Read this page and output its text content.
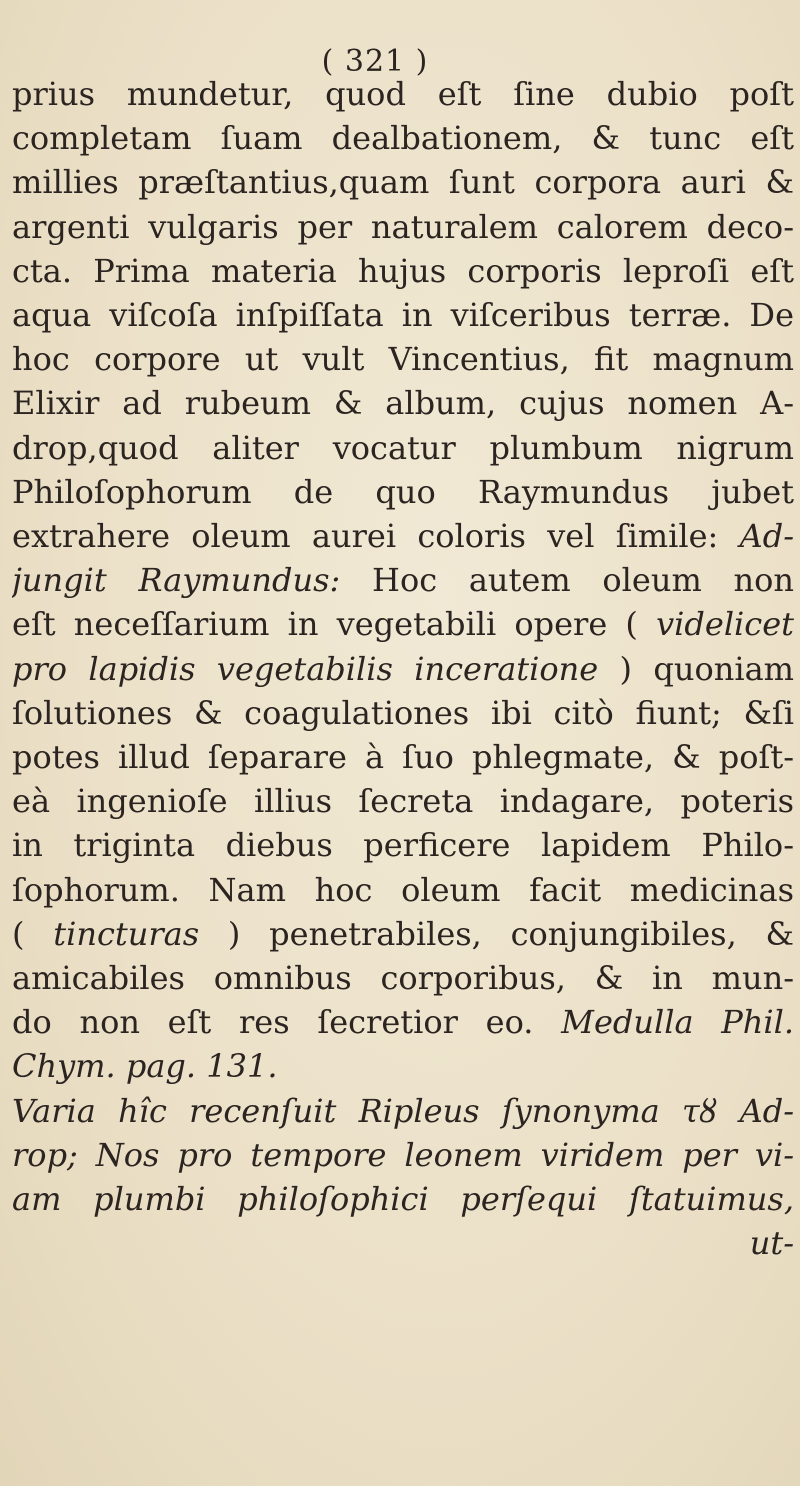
( 321 )
prius mundetur, quod eſt ſine dubio poſt
completam ſuam dealbationem, & tunc eſt
millies præſtantius,quam ſunt corpora auri &
argenti vulgaris per naturalem calorem deco-
cta. Prima materia hujus corporis leproſi eſt
aqua viſcoſa inſpiſſata in viſceribus terræ. De
hoc corpore ut vult Vincentius, fit magnum
Elixir ad rubeum & album, cujus nomen A-
drop,quod aliter vocatur plumbum nigrum
Philoſophorum de quo Raymundus jubet
extrahere oleum aurei coloris vel ſimile: Ad-
jungit Raymundus: Hoc autem oleum non
eſt neceſſarium in vegetabili opere ( videlicet
pro lapidis vegetabilis inceratione ) quoniam
ſolutiones & coagulationes ibi citò fiunt; &ſi
potes illud ſeparare à ſuo phlegmate, & poſt-
eà ingenioſe illius ſecreta indagare, poteris
in triginta diebus perficere lapidem Philo-
ſophorum. Nam hoc oleum facit medicinas
( tincturas ) penetrabiles, conjungibiles, &
amicabiles omnibus corporibus, & in mun-
do non eſt res ſecretior eo. Medulla Phil.
Chym. pag. 131.
Varia hîc recenſuit Ripleus ſynonyma τȣ Ad-
rop; Nos pro tempore leonem viridem per vi-
am plumbi philoſophici perſequi ſtatuimus,
ut-
